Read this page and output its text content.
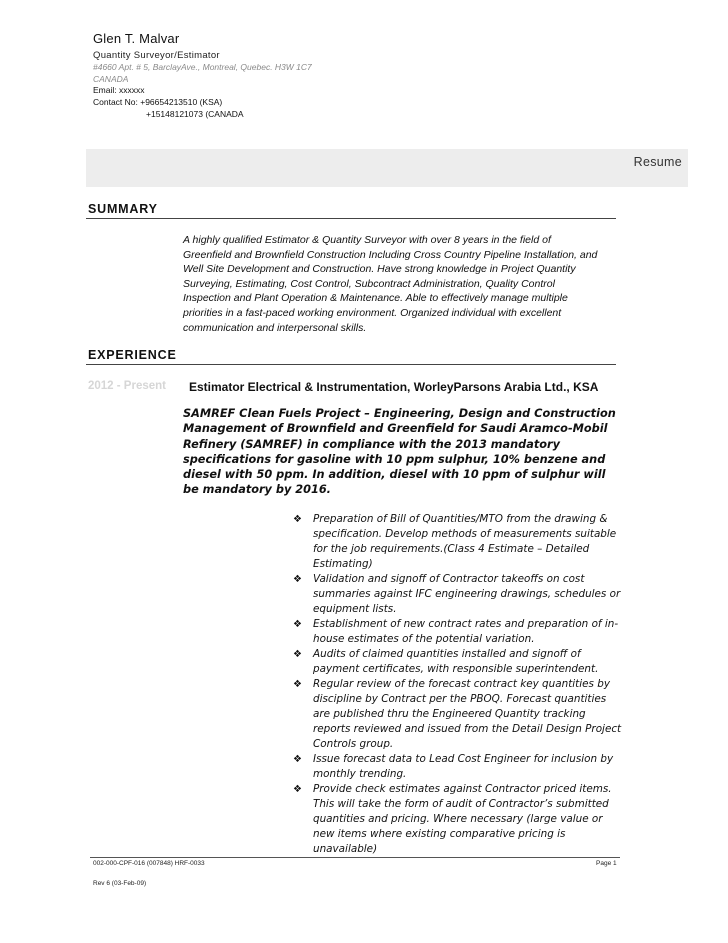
Glen T. Malvar
Quantity Surveyor/Estimator
#4660 Apt. # 5, BarclayAve., Montreal, Quebec. H3W 1C7
CANADA
Email: xxxxxx
Contact No: +96654213510 (KSA)
+15148121073 (CANADA
Resume
SUMMARY
A highly qualified Estimator & Quantity Surveyor with over 8 years in the field of Greenfield and Brownfield Construction Including Cross Country Pipeline Installation, and Well Site Development and Construction. Have strong knowledge in Project Quantity Surveying, Estimating, Cost Control, Subcontract Administration, Quality Control Inspection and Plant Operation & Maintenance. Able to effectively manage multiple priorities in a fast-paced working environment. Organized individual with excellent communication and interpersonal skills.
EXPERIENCE
2012 - Present Estimator Electrical & Instrumentation, WorleyParsons Arabia Ltd., KSA
SAMREF Clean Fuels Project – Engineering, Design and Construction Management of Brownfield and Greenfield for Saudi Aramco-Mobil Refinery (SAMREF) in compliance with the 2013 mandatory specifications for gasoline with 10 ppm sulphur, 10% benzene and diesel with 50 ppm. In addition, diesel with 10 ppm of sulphur will be mandatory by 2016.
❖ Preparation of Bill of Quantities/MTO from the drawing & specification. Develop methods of measurements suitable for the job requirements.(Class 4 Estimate – Detailed Estimating)
❖ Validation and signoff of Contractor takeoffs on cost summaries against IFC engineering drawings, schedules or equipment lists.
❖ Establishment of new contract rates and preparation of in-house estimates of the potential variation.
❖ Audits of claimed quantities installed and signoff of payment certificates, with responsible superintendent.
❖ Regular review of the forecast contract key quantities by discipline by Contract per the PBOQ. Forecast quantities are published thru the Engineered Quantity tracking reports reviewed and issued from the Detail Design Project Controls group.
❖ Issue forecast data to Lead Cost Engineer for inclusion by monthly trending.
❖ Provide check estimates against Contractor priced items. This will take the form of audit of Contractor’s submitted quantities and pricing. Where necessary (large value or new items where existing comparative pricing is unavailable)
002-000-CPF-016 (007848) HRF-0033	Page 1
Rev 6 (03-Feb-09)
